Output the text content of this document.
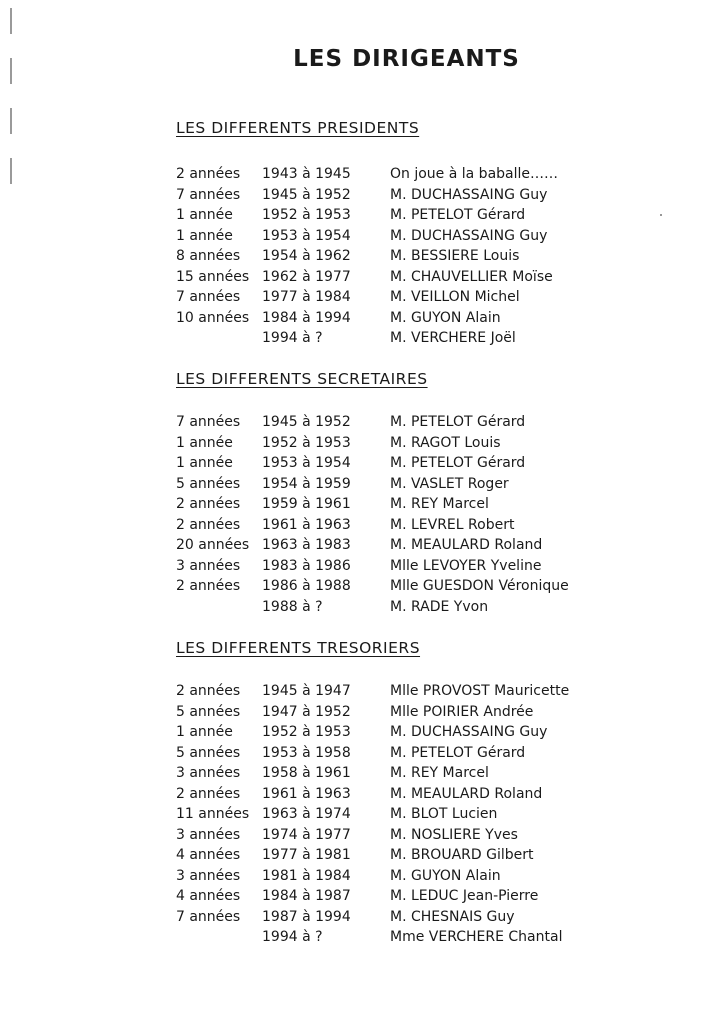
LES DIRIGEANTS
LES DIFFERENTS PRESIDENTS
2 années 1943 à 1945	On joue à la baballe……
7 années 1945 à 1952	M. DUCHASSAING Guy
1 année 1952 à 1953	M. PETELOT Gérard
1 année 1953 à 1954	M. DUCHASSAING Guy
8 années 1954 à 1962	M. BESSIERE Louis
15 années 1962 à 1977	M. CHAUVELLIER Moïse
7 années 1977 à 1984	M. VEILLON Michel
10 années 1984 à 1994	M. GUYON Alain
1994 à ?	M. VERCHERE Joël
LES DIFFERENTS SECRETAIRES
7 années 1945 à 1952	M. PETELOT Gérard
1 année 1952 à 1953	M. RAGOT Louis
1 année 1953 à 1954	M. PETELOT Gérard
5 années 1954 à 1959	M. VASLET Roger
2 années 1959 à 1961	M. REY Marcel
2 années 1961 à 1963	M. LEVREL Robert
20 années 1963 à 1983	M. MEAULARD Roland
3 années 1983 à 1986	Mlle LEVOYER Yveline
2 années 1986 à 1988	Mlle GUESDON Véronique
1988 à ?	M. RADE Yvon
LES DIFFERENTS TRESORIERS
2 années 1945 à 1947	Mlle PROVOST Mauricette
5 années 1947 à 1952	Mlle POIRIER Andrée
1 année 1952 à 1953	M. DUCHASSAING Guy
5 années 1953 à 1958	M. PETELOT Gérard
3 années 1958 à 1961	M. REY Marcel
2 années 1961 à 1963	M. MEAULARD Roland
11 années 1963 à 1974	M. BLOT Lucien
3 années 1974 à 1977	M. NOSLIERE Yves
4 années 1977 à 1981	M. BROUARD Gilbert
3 années 1981 à 1984	M. GUYON Alain
4 années 1984 à 1987	M. LEDUC Jean-Pierre
7 années 1987 à 1994	M. CHESNAIS Guy
1994 à ?	Mme VERCHERE Chantal
